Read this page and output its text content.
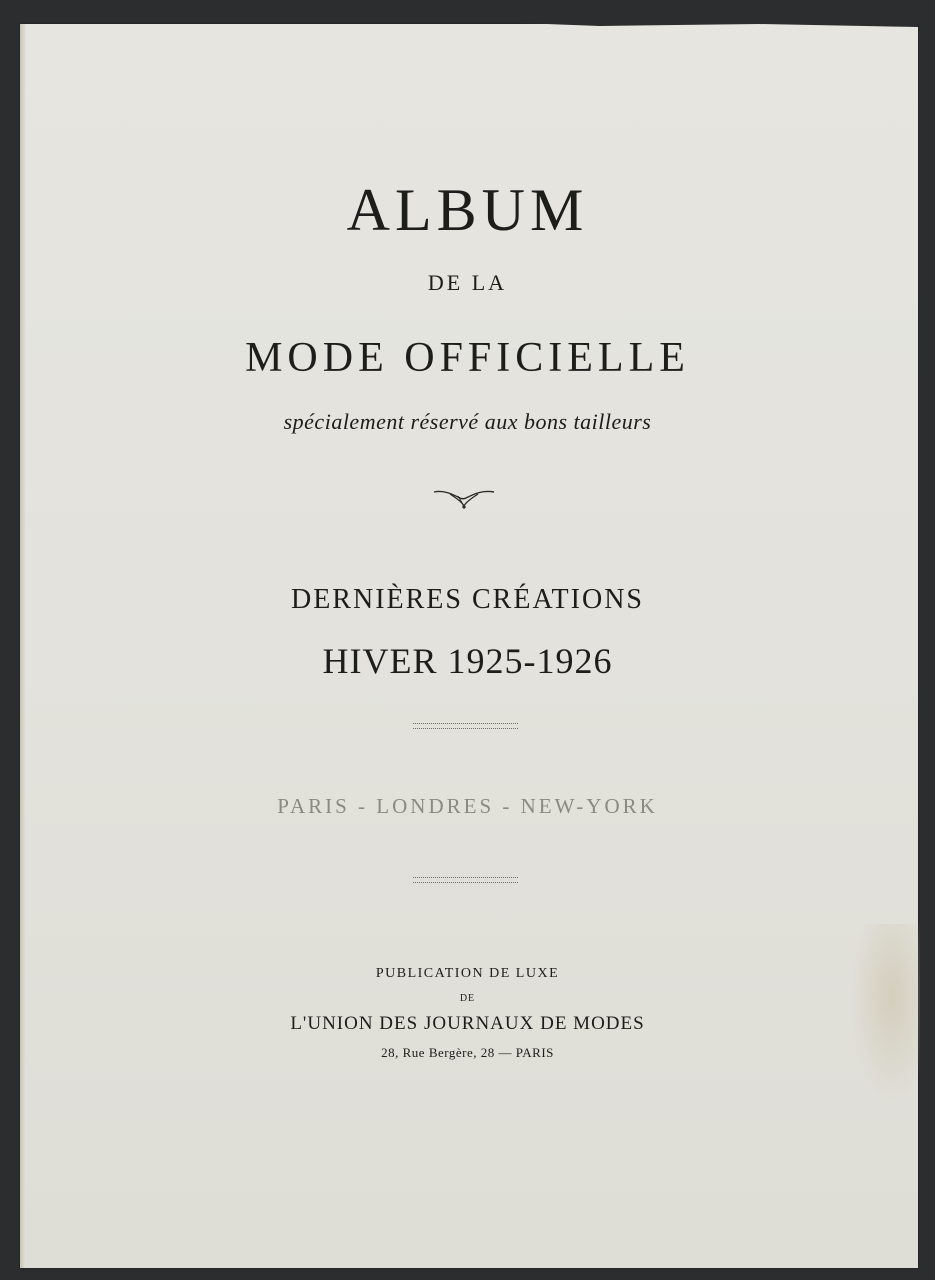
ALBUM
DE LA
MODE OFFICIELLE
spécialement réservé aux bons tailleurs
DERNIÈRES CRÉATIONS
HIVER 1925-1926
PARIS - LONDRES - NEW-YORK
PUBLICATION DE LUXE
DE
L'UNION DES JOURNAUX DE MODES
28, Rue Bergère, 28 — PARIS
